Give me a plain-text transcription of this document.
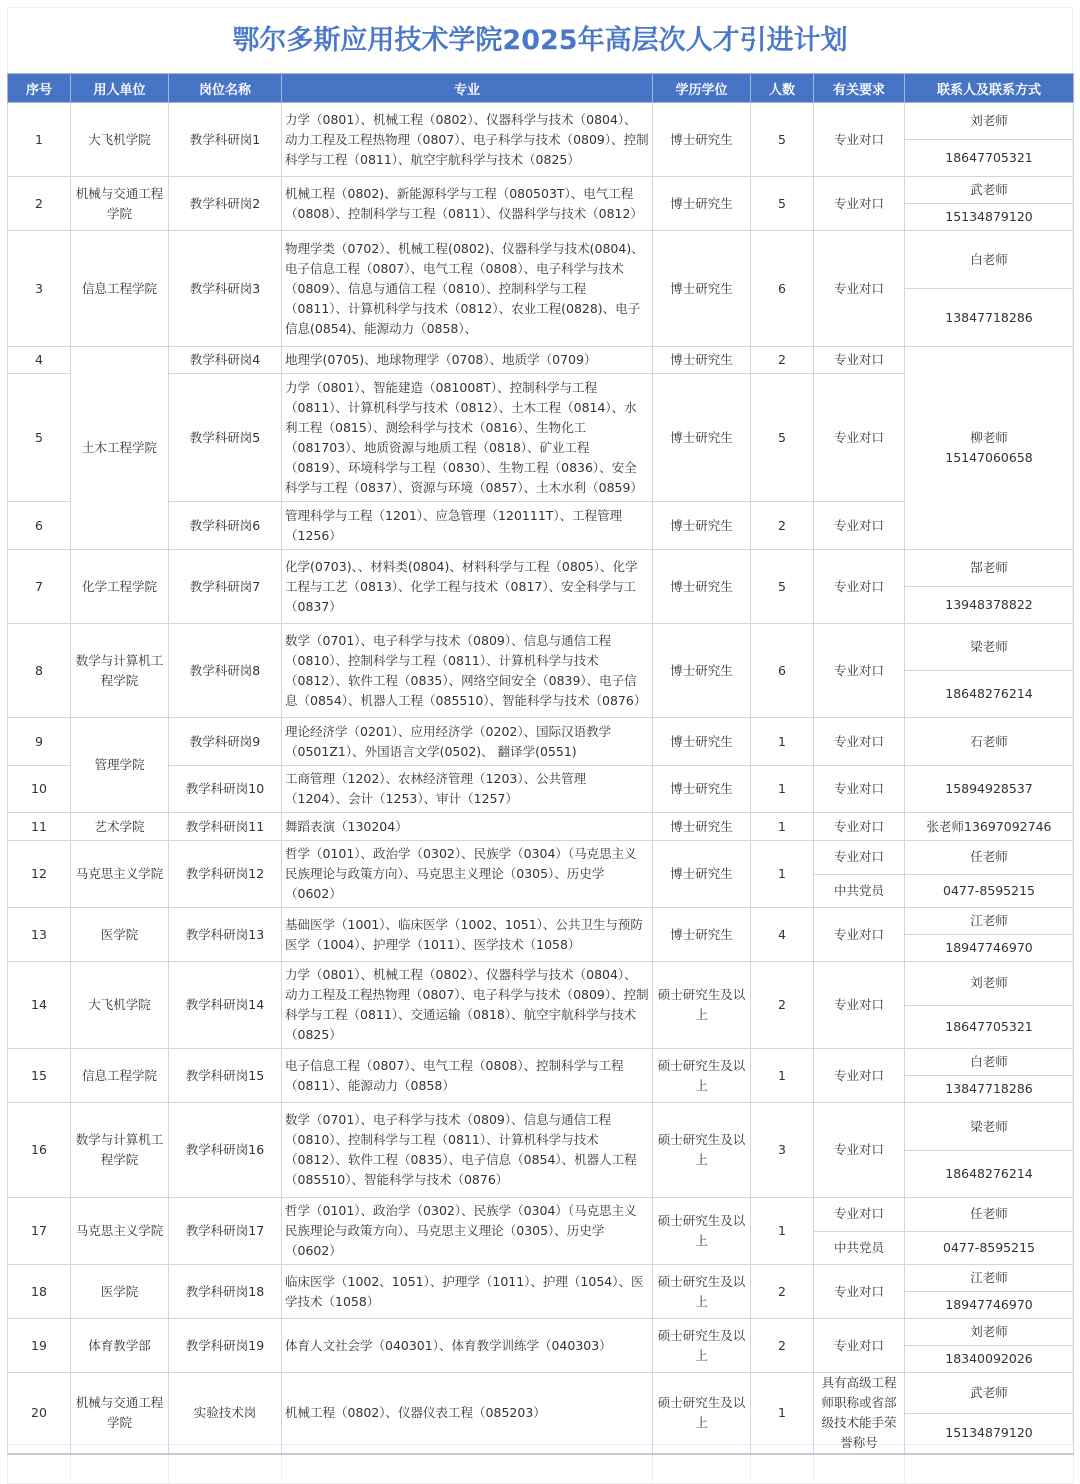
鄂尔多斯应用技术学院2025年高层次人才引进计划
序号	用人单位	岗位名称	专业	学历学位	人数	有关要求	联系人及联系方式
1	大飞机学院	教学科研岗1	力学（0801）、机械工程（0802）、仪器科学与技术（0804）、动力工程及工程热物理（0807）、电子科学与技术（0809）、控制科学与工程（0811）、航空宇航科学与技术（0825）	博士研究生	5	专业对口	刘老师
							18647705321
2	机械与交通工程学院	教学科研岗2	机械工程（0802)、新能源科学与工程（080503T）、电气工程（0808）、控制科学与工程（0811）、仪器科学与技术（0812）	博士研究生	5	专业对口	武老师
							15134879120
3	信息工程学院	教学科研岗3	物理学类（0702）、机械工程(0802)、仪器科学与技术(0804)、电子信息工程（0807）、电气工程（0808）、电子科学与技术（0809）、信息与通信工程（0810）、控制科学与工程（0811）、计算机科学与技术（0812）、农业工程(0828)、电子信息(0854)、能源动力（0858）、	博士研究生	6	专业对口	白老师
							13847718286
4	土木工程学院	教学科研岗4	地理学(0705)、地球物理学（0708）、地质学（0709）	博士研究生	2	专业对口	柳老师 15147060658
5		教学科研岗5	力学（0801）、智能建造（081008T）、控制科学与工程（0811）、计算机科学与技术（0812）、土木工程（0814）、水利工程（0815）、测绘科学与技术（0816）、生物化工（081703）、地质资源与地质工程（0818）、矿业工程（0819）、环境科学与工程（0830）、生物工程（0836）、安全科学与工程（0837）、资源与环境（0857）、土木水利（0859）	博士研究生	5	专业对口	
6		教学科研岗6	管理科学与工程（1201）、应急管理（120111T）、工程管理（1256）	博士研究生	2	专业对口	
7	化学工程学院	教学科研岗7	化学(0703)、、材料类(0804)、材料科学与工程（0805）、化学工程与工艺（0813）、化学工程与技术（0817）、安全科学与工（0837）	博士研究生	5	专业对口	郜老师
							13948378822
8	数学与计算机工程学院	教学科研岗8	数学（0701）、电子科学与技术（0809）、信息与通信工程（0810）、控制科学与工程（0811）、计算机科学与技术（0812）、软件工程（0835）、网络空间安全（0839）、电子信息（0854）、机器人工程（085510）、智能科学与技术（0876）	博士研究生	6	专业对口	梁老师
							18648276214
9	管理学院	教学科研岗9	理论经济学（0201）、应用经济学（0202）、国际汉语教学（0501Z1）、外国语言文学(0502)、 翻译学(0551)	博士研究生	1	专业对口	石老师
10		教学科研岗10	工商管理（1202）、农林经济管理（1203）、公共管理（1204）、会计（1253）、审计（1257）	博士研究生	1	专业对口	15894928537
11	艺术学院	教学科研岗11	舞蹈表演（130204）	博士研究生	1	专业对口	张老师13697092746
12	马克思主义学院	教学科研岗12	哲学（0101）、政治学（0302）、民族学（0304）（马克思主义民族理论与政策方向）、马克思主义理论（0305）、历史学（0602）	博士研究生	1	专业对口	任老师
						中共党员	0477-8595215
13	医学院	教学科研岗13	基础医学（1001）、临床医学（1002、1051）、公共卫生与预防医学（1004）、护理学（1011）、医学技术（1058）	博士研究生	4	专业对口	江老师
							18947746970
14	大飞机学院	教学科研岗14	力学（0801）、机械工程（0802）、仪器科学与技术（0804）、动力工程及工程热物理（0807）、电子科学与技术（0809）、控制科学与工程（0811）、交通运输（0818）、航空宇航科学与技术（0825）	硕士研究生及以上	2	专业对口	刘老师
							18647705321
15	信息工程学院	教学科研岗15	电子信息工程（0807）、电气工程（0808）、控制科学与工程（0811）、能源动力（0858）	硕士研究生及以上	1	专业对口	白老师
							13847718286
16	数学与计算机工程学院	教学科研岗16	数学（0701）、电子科学与技术（0809）、信息与通信工程（0810）、控制科学与工程（0811）、计算机科学与技术（0812）、软件工程（0835）、电子信息（0854）、机器人工程（085510）、智能科学与技术（0876）	硕士研究生及以上	3	专业对口	梁老师
							18648276214
17	马克思主义学院	教学科研岗17	哲学（0101）、政治学（0302）、民族学（0304）（马克思主义民族理论与政策方向）、马克思主义理论（0305）、历史学（0602）	硕士研究生及以上	1	专业对口	任老师
						中共党员	0477-8595215
18	医学院	教学科研岗18	临床医学（1002、1051）、护理学（1011）、护理（1054）、医学技术（1058）	硕士研究生及以上	2	专业对口	江老师
							18947746970
19	体育教学部	教学科研岗19	体育人文社会学（040301）、体育教学训练学（040303）	硕士研究生及以上	2	专业对口	刘老师
							18340092026
20	机械与交通工程学院	实验技术岗	机械工程（0802）、仪器仪表工程（085203）	硕士研究生及以上	1	具有高级工程师职称或省部级技术能手荣誉称号	武老师
							15134879120
